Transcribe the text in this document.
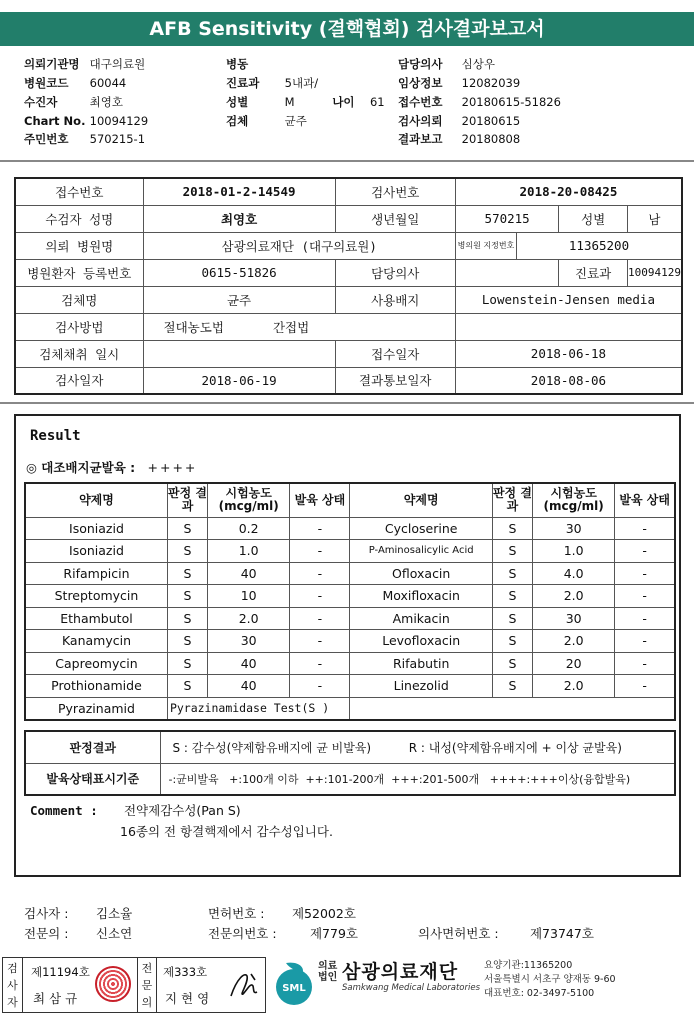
AFB Sensitivity (결핵협회) 검사결과보고서
의뢰기관명 대구의료원	병동	담당의사 심상우
병원코드 60044	진료과 5내과/	임상정보 12082039
수진자	최영호	성별	M	나이 61 접수번호 20180615-51826
Chart No. 10094129	검체	균주	검사의뢰 20180615
주민번호 570215-1	결과보고 20180808
접수번호	2018-01-2-14549	검사번호	2018-20-08425			
수검자 성명	최영호	생년월일	570215		성별	남
의뢰 병원명	삼광의료재단 (대구의료원)		병의원 지정번호	11365200		
병원환자 등록번호	0615-51826	담당의사			진료과	10094129
검체명	균주	사용배지	Lowenstein-Jensen media			
검사방법	절대농도법 간접법					
검체채취 일시		접수일자	2018-06-18			
검사일자	2018-06-19	결과통보일자	2018-08-06			
Result
◎ 대조배지균발육 : ++++
약제명	판정 결과	시험농도 (mcg/ml)	발육 상태	약제명	판정 결과	시험농도 (mcg/ml)	발육 상태
Isoniazid	S	0.2	-	Cycloserine	S	30	-
Isoniazid	S	1.0	-	P-Aminosalicylic Acid	S	1.0	-
Rifampicin	S	40	-	Ofloxacin	S	4.0	-
Streptomycin	S	10	-	Moxifloxacin	S	2.0	-
Ethambutol	S	2.0	-	Amikacin	S	30	-
Kanamycin	S	30	-	Levofloxacin	S	2.0	-
Capreomycin	S	40	-	Rifabutin	S	20	-
Prothionamide	S	40	-	Linezolid	S	2.0	-
Pyrazinamid	Pyrazinamidase Test(S )						
판정결과	S : 감수성(약제함유배지에 균 비발육) R : 내성(약제함유배지에 + 이상 균발육)
발육상태표시기준	-:균비발육   +:100개 이하  ++:101-200개  +++:201-500개   ++++:+++이상(융합발육)
Comment : 전약제감수성(Pan S)
16종의 전 항결핵제에서 감수성입니다.
검사자 : 김소율	면허번호 : 제52002호
전문의 : 신소연	전문의번호 :	제779호	의사면허번호 :	제73747호
검사자
제11194호
최 삼 규
전문의
제333호
지 현 영
SML
의료
법인 삼광의료재단
Samkwang Medical Laboratories
요양기관:11365200
서울특별시 서초구 양재동 9-60
대표번호: 02-3497-5100
